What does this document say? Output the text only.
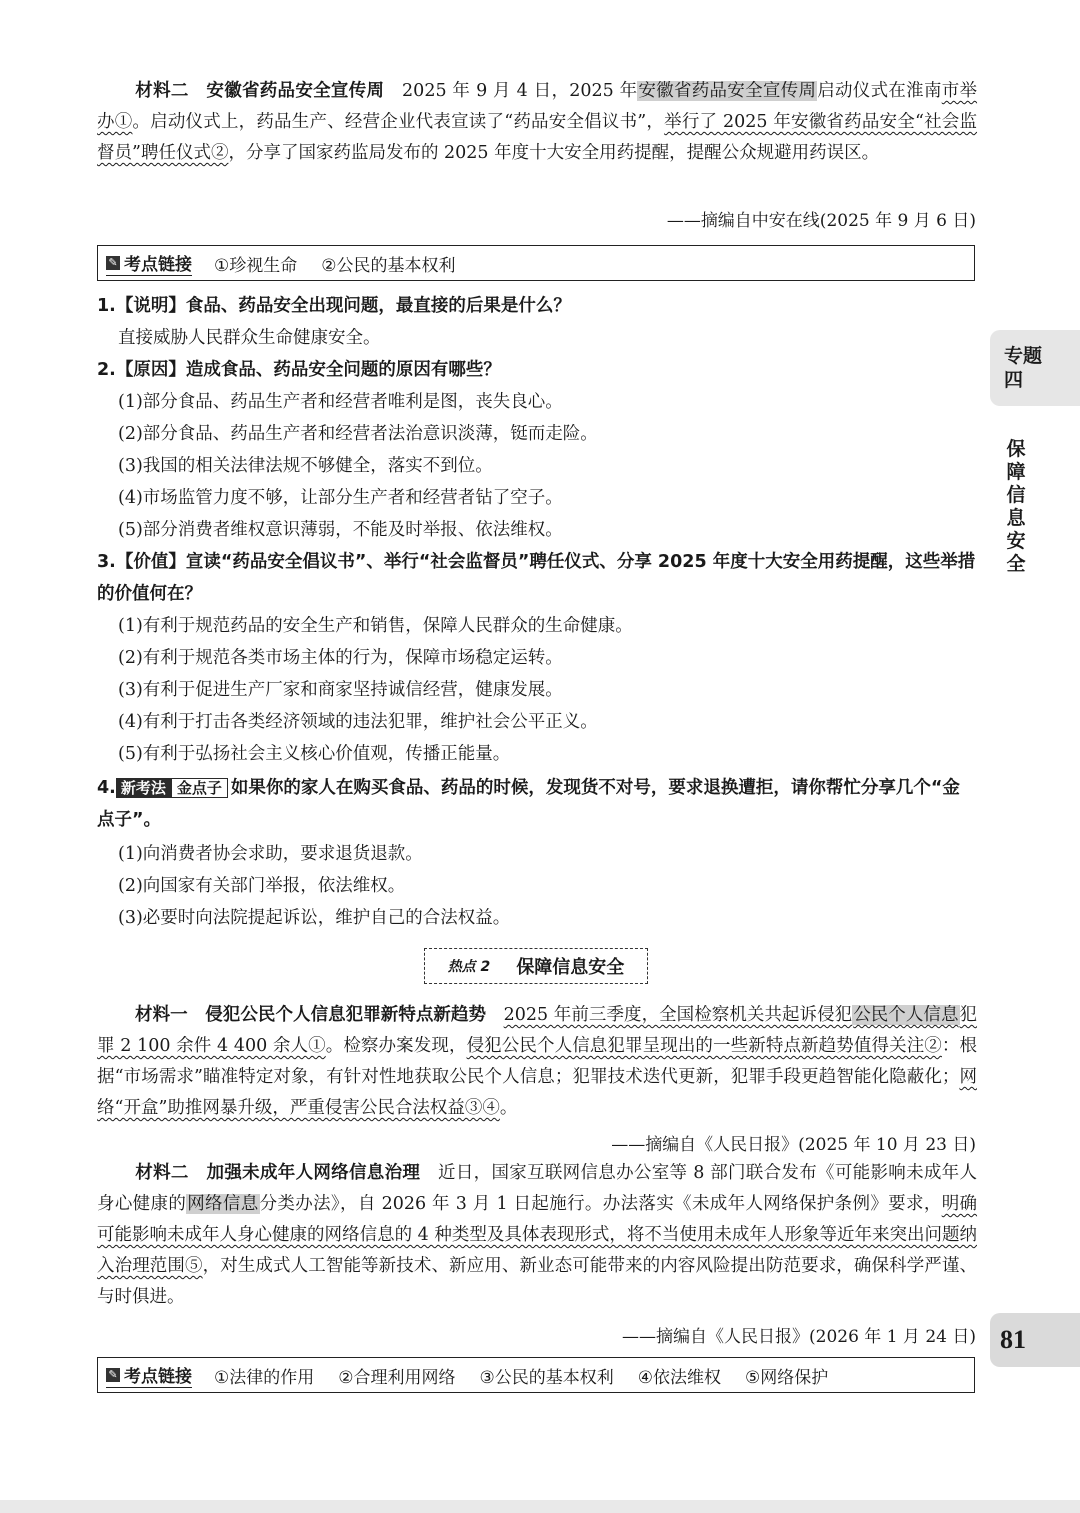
材料二　安徽省药品安全宣传周　2025 年 9 月 4 日，2025 年安徽省药品安全宣传周启动仪式在淮南市举办①。启动仪式上，药品生产、经营企业代表宣读了“药品安全倡议书”，举行了 2025 年安徽省药品安全“社会监督员”聘任仪式②，分享了国家药监局发布的 2025 年度十大安全用药提醒，提醒公众规避用药误区。
——摘编自中安在线(2025 年 9 月 6 日)
✎ 考点链接 ①珍视生命 ②公民的基本权利
1.【说明】食品、药品安全出现问题，最直接的后果是什么？
直接威胁人民群众生命健康安全。
2.【原因】造成食品、药品安全问题的原因有哪些？
(1)部分食品、药品生产者和经营者唯利是图，丧失良心。
(2)部分食品、药品生产者和经营者法治意识淡薄，铤而走险。
(3)我国的相关法律法规不够健全，落实不到位。
(4)市场监管力度不够，让部分生产者和经营者钻了空子。
(5)部分消费者维权意识薄弱，不能及时举报、依法维权。
3.【价值】宣读“药品安全倡议书”、举行“社会监督员”聘任仪式、分享 2025 年度十大安全用药提醒，这些举措的价值何在？
(1)有利于规范药品的安全生产和销售，保障人民群众的生命健康。
(2)有利于规范各类市场主体的行为，保障市场稳定运转。
(3)有利于促进生产厂家和商家坚持诚信经营，健康发展。
(4)有利于打击各类经济领域的违法犯罪，维护社会公平正义。
(5)有利于弘扬社会主义核心价值观，传播正能量。
4. 新考法 金点子 如果你的家人在购买食品、药品的时候，发现货不对号，要求退换遭拒，请你帮忙分享几个“金点子”。
(1)向消费者协会求助，要求退货退款。
(2)向国家有关部门举报，依法维权。
(3)必要时向法院提起诉讼，维护自己的合法权益。
热点 2 保障信息安全
材料一　侵犯公民个人信息犯罪新特点新趋势　 2025 年前三季度，全国检察机关共起诉侵犯公民个人信息犯罪 2 100 余件 4 400 余人①。检察办案发现，侵犯公民个人信息犯罪呈现出的一些新特点新趋势值得关注②：根据“市场需求”瞄准特定对象，有针对性地获取公民个人信息；犯罪技术迭代更新，犯罪手段更趋智能化隐蔽化；网络“开盒”助推网暴升级，严重侵害公民合法权益③④。
——摘编自《人民日报》(2025 年 10 月 23 日)
材料二　加强未成年人网络信息治理　近日，国家互联网信息办公室等 8 部门联合发布《可能影响未成年人身心健康的网络信息分类办法》，自 2026 年 3 月 1 日起施行。办法落实《未成年人网络保护条例》要求，明确可能影响未成年人身心健康的网络信息的 4 种类型及具体表现形式，将不当使用未成年人形象等近年来突出问题纳入治理范围⑤，对生成式人工智能等新技术、新应用、新业态可能带来的内容风险提出防范要求，确保科学严谨、与时俱进。
——摘编自《人民日报》(2026 年 1 月 24 日)
✎ 考点链接 ①法律的作用 ②合理利用网络 ③公民的基本权利 ④依法维权 ⑤网络保护
专题
四
保障信息安全
81
